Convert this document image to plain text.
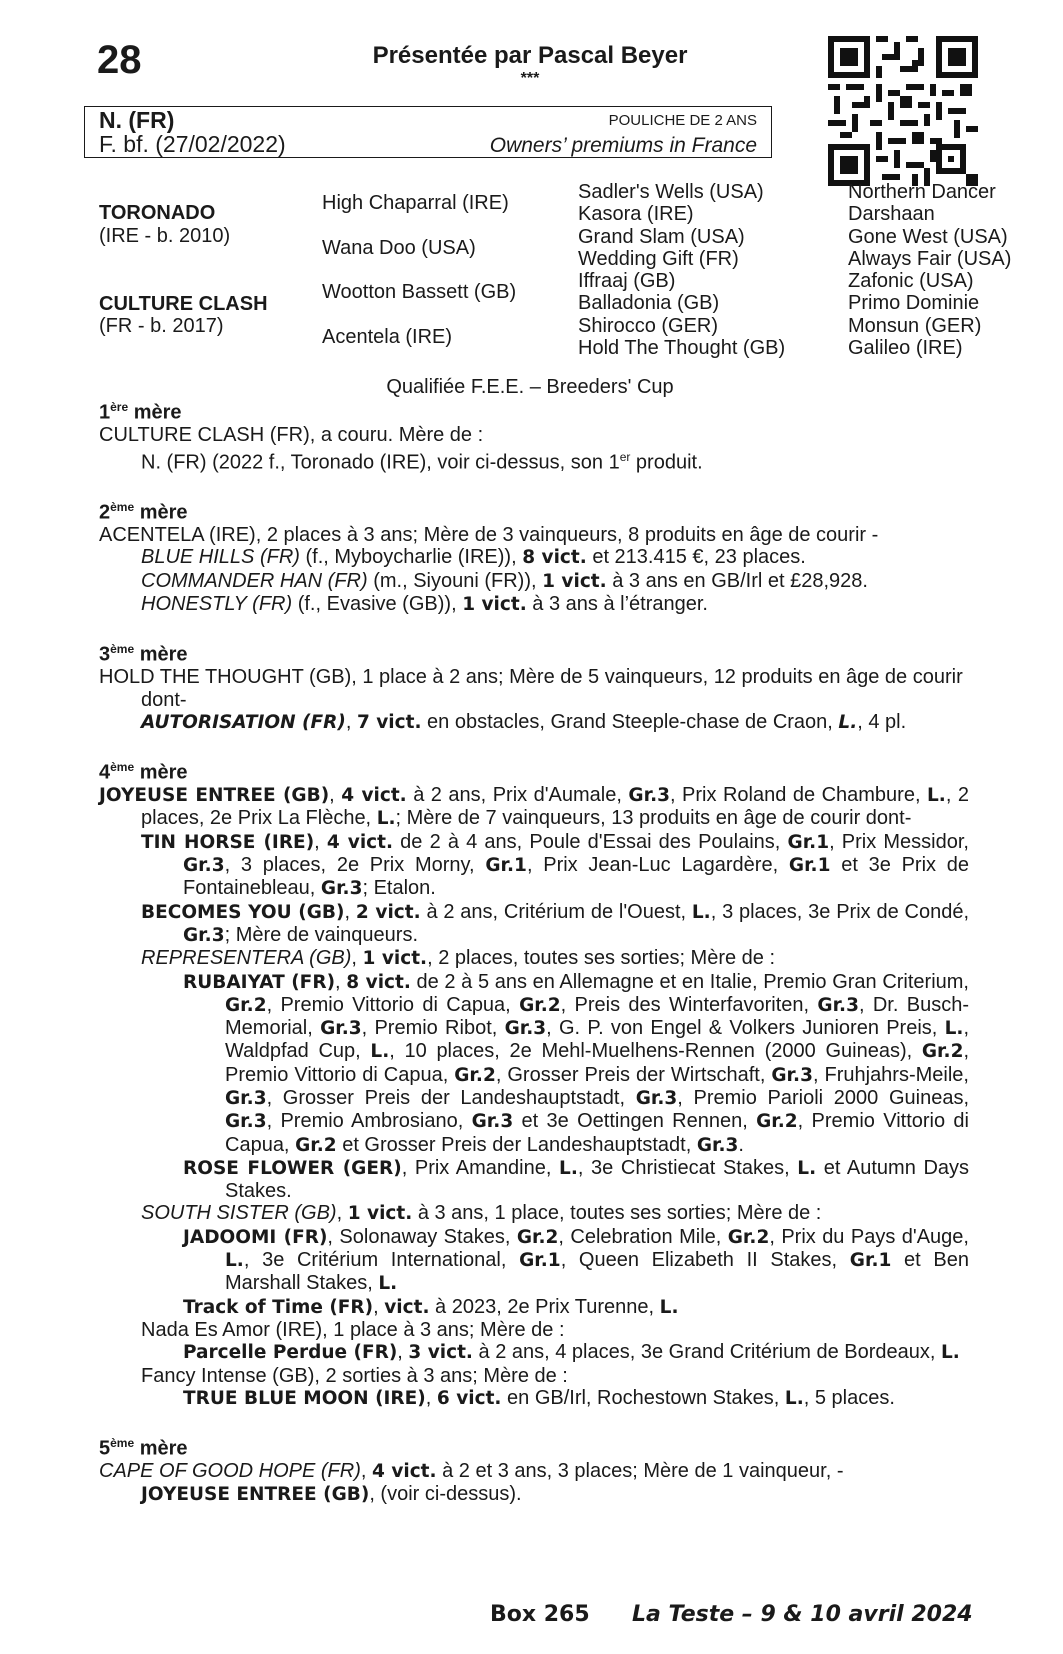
28	Présentée par Pascal Beyer
***
N. (FR)
F. bf. (27/02/2022)
POULICHE DE 2 ANS
Owners’ premiums in France
TORONADO
(IRE - b. 2010)
CULTURE CLASH
(FR - b. 2017)
High Chaparral (IRE)
Wana Doo (USA)
Wootton Bassett (GB)
Acentela (IRE)
Sadler's Wells (USA)
Kasora (IRE)
Grand Slam (USA)
Wedding Gift (FR)
Iffraaj (GB)
Balladonia (GB)
Shirocco (GER)
Hold The Thought (GB)
Northern Dancer
Darshaan
Gone West (USA)
Always Fair (USA)
Zafonic (USA)
Primo Dominie
Monsun (GER)
Galileo (IRE)
Qualifiée F.E.E. – Breeders' Cup
1ère mère
CULTURE CLASH (FR), a couru. Mère de :
N. (FR) (2022 f., Toronado (IRE), voir ci-dessus, son 1er produit.
2ème mère
ACENTELA (IRE), 2 places à 3 ans; Mère de 3 vainqueurs, 8 produits en âge de courir -
BLUE HILLS (FR) (f., Myboycharlie (IRE)), 8 vict. et 213.415 €, 23 places.
COMMANDER HAN (FR) (m., Siyouni (FR)), 1 vict. à 3 ans en GB/Irl et £28,928.
HONESTLY (FR) (f., Evasive (GB)), 1 vict. à 3 ans à l’étranger.
3ème mère
HOLD THE THOUGHT (GB), 1 place à 2 ans; Mère de 5 vainqueurs, 12 produits en âge de courir dont-
AUTORISATION (FR), 7 vict. en obstacles, Grand Steeple-chase de Craon, L., 4 pl.
4ème mère
JOYEUSE ENTREE (GB), 4 vict. à 2 ans, Prix d'Aumale, Gr.3, Prix Roland de Chambure, L., 2 places, 2e Prix La Flèche, L.; Mère de 7 vainqueurs, 13 produits en âge de courir dont-
TIN HORSE (IRE), 4 vict. de 2 à 4 ans, Poule d'Essai des Poulains, Gr.1, Prix Messidor, Gr.3, 3 places, 2e Prix Morny, Gr.1, Prix Jean-Luc Lagardère, Gr.1 et 3e Prix de Fontainebleau, Gr.3; Etalon.
BECOMES YOU (GB), 2 vict. à 2 ans, Critérium de l'Ouest, L., 3 places, 3e Prix de Condé, Gr.3; Mère de vainqueurs.
REPRESENTERA (GB), 1 vict., 2 places, toutes ses sorties; Mère de :
RUBAIYAT (FR), 8 vict. de 2 à 5 ans en Allemagne et en Italie, Premio Gran Criterium, Gr.2, Premio Vittorio di Capua, Gr.2, Preis des Winterfavoriten, Gr.3, Dr. Busch-Memorial, Gr.3, Premio Ribot, Gr.3, G. P. von Engel & Volkers Junioren Preis, L., Waldpfad Cup, L., 10 places, 2e Mehl-Muelhens-Rennen (2000 Guineas), Gr.2, Premio Vittorio di Capua, Gr.2, Grosser Preis der Wirtschaft, Gr.3, Fruhjahrs-Meile, Gr.3, Grosser Preis der Landeshauptstadt, Gr.3, Premio Parioli 2000 Guineas, Gr.3, Premio Ambrosiano, Gr.3 et 3e Oettingen Rennen, Gr.2, Premio Vittorio di Capua, Gr.2 et Grosser Preis der Landeshauptstadt, Gr.3.
ROSE FLOWER (GER), Prix Amandine, L., 3e Christiecat Stakes, L. et Autumn Days Stakes.
SOUTH SISTER (GB), 1 vict. à 3 ans, 1 place, toutes ses sorties; Mère de :
JADOOMI (FR), Solonaway Stakes, Gr.2, Celebration Mile, Gr.2, Prix du Pays d'Auge, L., 3e Critérium International, Gr.1, Queen Elizabeth II Stakes, Gr.1 et Ben Marshall Stakes, L.
Track of Time (FR), vict. à 2023, 2e Prix Turenne, L.
Nada Es Amor (IRE), 1 place à 3 ans; Mère de :
Parcelle Perdue (FR), 3 vict. à 2 ans, 4 places, 3e Grand Critérium de Bordeaux, L.
Fancy Intense (GB), 2 sorties à 3 ans; Mère de :
TRUE BLUE MOON (IRE), 6 vict. en GB/Irl, Rochestown Stakes, L., 5 places.
5ème mère
CAPE OF GOOD HOPE (FR), 4 vict. à 2 et 3 ans, 3 places; Mère de 1 vainqueur, -
JOYEUSE ENTREE (GB), (voir ci-dessus).
Box 265 La Teste – 9 & 10 avril 2024
